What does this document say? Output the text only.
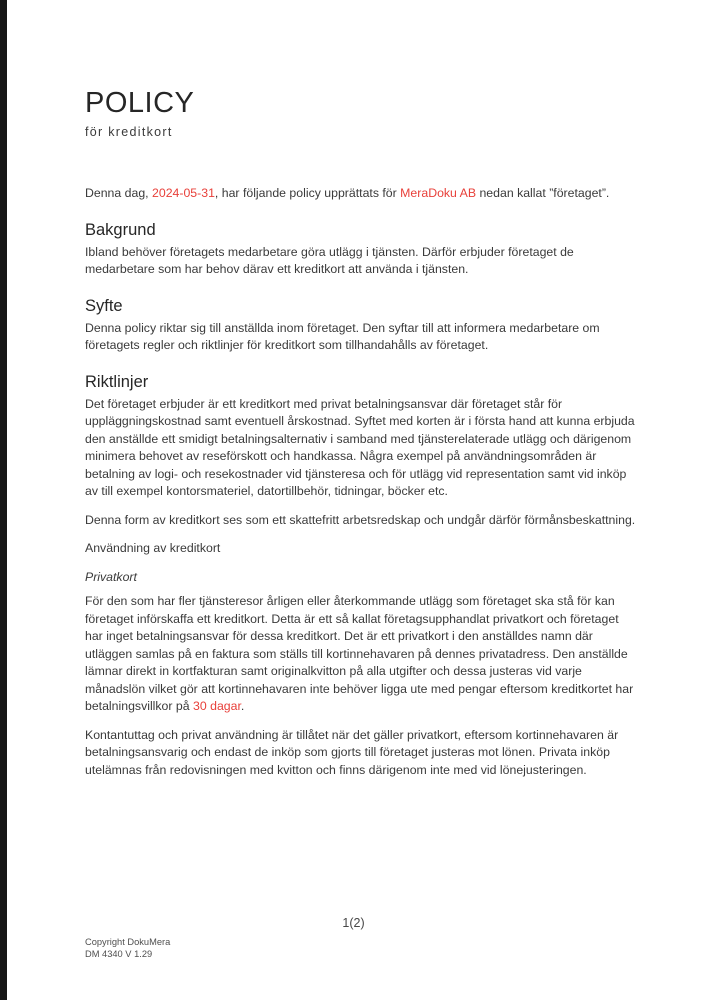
POLICY
för kreditkort

Denna dag, 2024-05-31, har följande policy upprättats för MeraDoku AB nedan kallat ”företaget”.

Bakgrund

Ibland behöver företagets medarbetare göra utlägg i tjänsten. Därför erbjuder företaget de medarbetare som har behov därav ett kreditkort att använda i tjänsten.

Syfte

Denna policy riktar sig till anställda inom företaget. Den syftar till att informera medarbetare om företagets regler och riktlinjer för kreditkort som tillhandahålls av företaget.

Riktlinjer

Det företaget erbjuder är ett kreditkort med privat betalningsansvar där företaget står för uppläggningskostnad samt eventuell årskostnad. Syftet med korten är i första hand att kunna erbjuda den anställde ett smidigt betalningsalternativ i samband med tjänsterelaterade utlägg och därigenom minimera behovet av reseförskott och handkassa. Några exempel på användningsområden är betalning av logi- och resekostnader vid tjänsteresa och för utlägg vid representation samt vid inköp av till exempel kontorsmateriel, datortillbehör, tidningar, böcker etc.

Denna form av kreditkort ses som ett skattefritt arbetsredskap och undgår därför förmånsbeskattning.

Användning av kreditkort

Privatkort

För den som har fler tjänsteresor årligen eller återkommande utlägg som företaget ska stå för kan företaget införskaffa ett kreditkort. Detta är ett så kallat företagsupphandlat privatkort och företaget har inget betalningsansvar för dessa kreditkort. Det är ett privatkort i den anställdes namn där utläggen samlas på en faktura som ställs till kortinnehavaren på dennes privatadress. Den anställde lämnar direkt in kortfakturan samt originalkvitton på alla utgifter och dessa justeras vid varje månadslön vilket gör att kortinnehavaren inte behöver ligga ute med pengar eftersom kreditkortet har betalningsvillkor på 30 dagar.

Kontantuttag och privat användning är tillåtet när det gäller privatkort, eftersom kortinnehavaren är betalningsansvarig och endast de inköp som gjorts till företaget justeras mot lönen. Privata inköp utelämnas från redovisningen med kvitton och finns därigenom inte med vid lönejusteringen.

1(2)
Copyright DokuMera
DM 4340 V 1.29
